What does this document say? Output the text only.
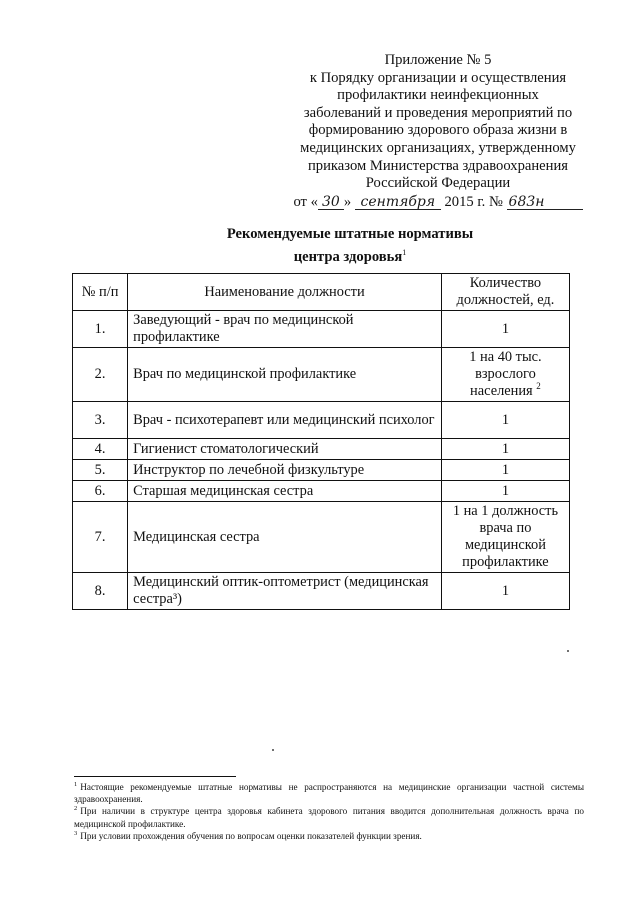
Приложение № 5
к Порядку организации и осуществления
профилактики неинфекционных
заболеваний и проведения мероприятий по
формированию здорового образа жизни в
медицинских организациях, утвержденному
приказом Министерства здравоохранения
Российской Федерации
от « 30 » сентября 2015 г. № 683н
Рекомендуемые штатные нормативы
центра здоровья$^1$
№ п/п	Наименование должности	Количество должностей, ед.
1.	Заведующий - врач по медицинской профилактике	1
2.	Врач по медицинской профилактике	1 на 40 тыс. взрослого населения $^2$
3.	Врач - психотерапевт или медицинский психолог	1
4.	Гигиенист стоматологический	1
5.	Инструктор по лечебной физкультуре	1
6.	Старшая медицинская сестра	1
7.	Медицинская сестра	1 на 1 должность врача по медицинской профилактике
8.	Медицинский оптик-оптометрист (медицинская сестра³)	1

$^1$ Настоящие рекомендуемые штатные нормативы не распространяются на медицинские организации частной системы здравоохранения.

$^2$ При наличии в структуре центра здоровья кабинета здорового питания вводится дополнительная должность врача по медицинской профилактике.

$^3$ При условии прохождения обучения по вопросам оценки показателей функции зрения.
